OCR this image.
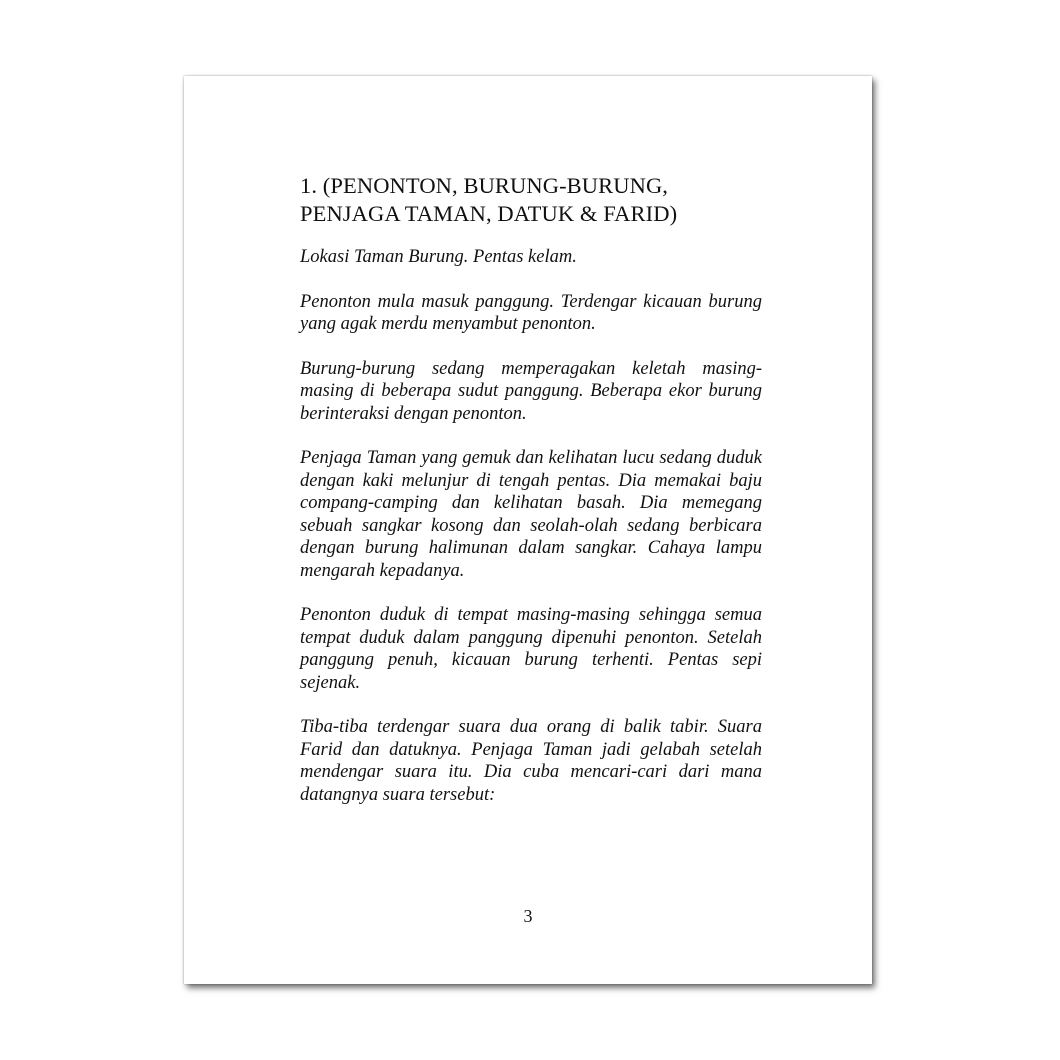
1. (PENONTON, BURUNG-BURUNG,
PENJAGA TAMAN, DATUK & FARID)

Lokasi Taman Burung. Pentas kelam.

Penonton mula masuk panggung. Terdengar kicauan burung yang agak merdu menyambut penonton.

Burung-burung sedang memperagakan keletah masing-masing di beberapa sudut panggung. Beberapa ekor burung berinteraksi dengan penonton.

Penjaga Taman yang gemuk dan kelihatan lucu sedang duduk dengan kaki melunjur di tengah pentas. Dia memakai baju compang-camping dan kelihatan basah. Dia memegang sebuah sangkar kosong dan seolah-olah sedang berbicara dengan burung halimunan dalam sangkar. Cahaya lampu mengarah kepadanya.

Penonton duduk di tempat masing-masing sehingga semua tempat duduk dalam panggung dipenuhi penonton. Setelah panggung penuh, kicauan burung terhenti. Pentas sepi sejenak.

Tiba-tiba terdengar suara dua orang di balik tabir. Suara Farid dan datuknya. Penjaga Taman jadi gelabah setelah mendengar suara itu. Dia cuba mencari-cari dari mana datangnya suara tersebut:

3
